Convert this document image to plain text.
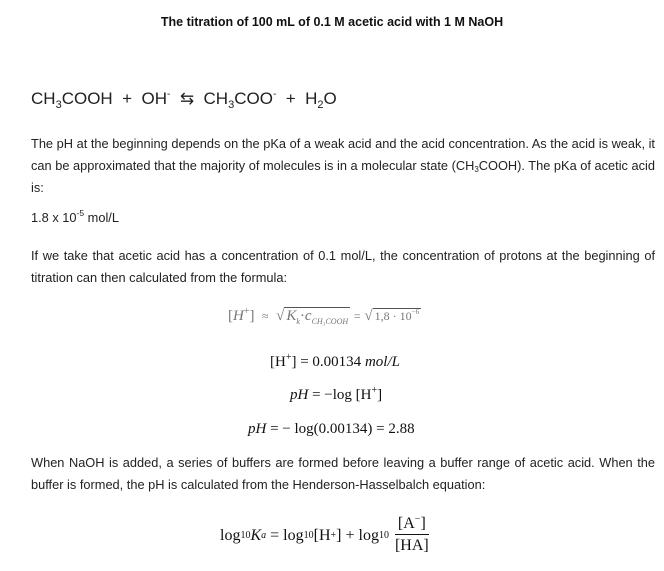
The titration of 100 mL of 0.1 M acetic acid with 1 M NaOH
$CH_3COOH + OH^-$ ⇆ $CH_3COO^- + H_2O$
The pH at the beginning depends on the pKa of a weak acid and the acid concentration. As the acid is weak, it can be approximated that the majority of molecules is in a molecular state $(CH_3COOH)$. The pKa of acetic acid is:
1.8 x $10^{-5}$ mol/L
If we take that acetic acid has a concentration of 0.1 mol/L, the concentration of protons at the beginning of titration can then calculated from the formula:
[H+] ≈ √ $K_k\cdot c_{CH_3COOH}$ = √ $1,8 \cdot 10^{-6}$
[H+] = 0.00134 mol/L
pH = −log [H+]
pH = − log(0.00134) = 2.88
When NaOH is added, a series of buffers are formed before leaving a buffer range of acetic acid. When the buffer is formed, the pH is calculated from the Henderson-Hasselbalch equation:
log 10 K a = log 10 [H + ] + $\log 10 \frac{[A^-]}{[HA]}$
